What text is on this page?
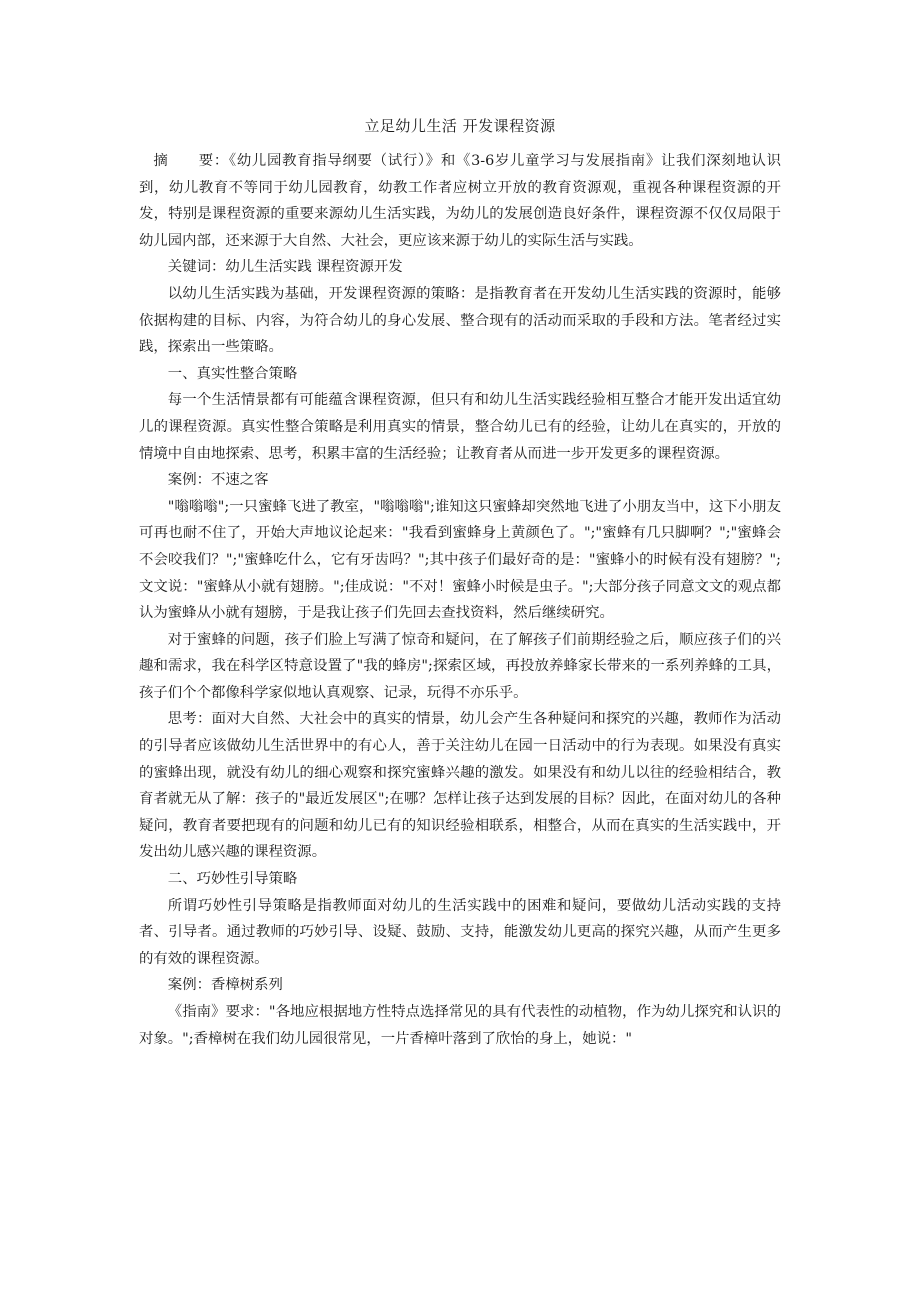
立足幼儿生活 开发课程资源

摘 要：《幼儿园教育指导纲要（试行）》和《3-6岁儿童学习与发展指南》让我们深刻地认识到，幼儿教育不等同于幼儿园教育，幼教工作者应树立开放的教育资源观，重视各种课程资源的开发，特别是课程资源的重要来源幼儿生活实践，为幼儿的发展创造良好条件，课程资源不仅仅局限于幼儿园内部，还来源于大自然、大社会，更应该来源于幼儿的实际生活与实践。

关键词：幼儿生活实践 课程资源开发

以幼儿生活实践为基础，开发课程资源的策略：是指教育者在开发幼儿生活实践的资源时，能够依据构建的目标、内容，为符合幼儿的身心发展、整合现有的活动而采取的手段和方法。笔者经过实践，探索出一些策略。

一、真实性整合策略

每一个生活情景都有可能蕴含课程资源，但只有和幼儿生活实践经验相互整合才能开发出适宜幼儿的课程资源。真实性整合策略是利用真实的情景，整合幼儿已有的经验，让幼儿在真实的，开放的情境中自由地探索、思考，积累丰富的生活经验；让教育者从而进一步开发更多的课程资源。

案例：不速之客

"嗡嗡嗡";一只蜜蜂飞进了教室，"嗡嗡嗡";谁知这只蜜蜂却突然地飞进了小朋友当中，这下小朋友可再也耐不住了，开始大声地议论起来："我看到蜜蜂身上黄颜色了。";"蜜蜂有几只脚啊？";"蜜蜂会不会咬我们？";"蜜蜂吃什么，它有牙齿吗？";其中孩子们最好奇的是："蜜蜂小的时候有没有翅膀？";文文说："蜜蜂从小就有翅膀。";佳成说："不对！蜜蜂小时候是虫子。";大部分孩子同意文文的观点都认为蜜蜂从小就有翅膀，于是我让孩子们先回去查找资料，然后继续研究。

对于蜜蜂的问题，孩子们脸上写满了惊奇和疑问，在了解孩子们前期经验之后，顺应孩子们的兴趣和需求，我在科学区特意设置了"我的蜂房";探索区域，再投放养蜂家长带来的一系列养蜂的工具，孩子们个个都像科学家似地认真观察、记录，玩得不亦乐乎。

思考：面对大自然、大社会中的真实的情景，幼儿会产生各种疑问和探究的兴趣，教师作为活动的引导者应该做幼儿生活世界中的有心人，善于关注幼儿在园一日活动中的行为表现。如果没有真实的蜜蜂出现，就没有幼儿的细心观察和探究蜜蜂兴趣的激发。如果没有和幼儿以往的经验相结合，教育者就无从了解：孩子的"最近发展区";在哪？怎样让孩子达到发展的目标？因此，在面对幼儿的各种疑问，教育者要把现有的问题和幼儿已有的知识经验相联系，相整合，从而在真实的生活实践中，开发出幼儿感兴趣的课程资源。

二、巧妙性引导策略

所谓巧妙性引导策略是指教师面对幼儿的生活实践中的困难和疑问，要做幼儿活动实践的支持者、引导者。通过教师的巧妙引导、设疑、鼓励、支持，能激发幼儿更高的探究兴趣，从而产生更多的有效的课程资源。

案例：香樟树系列

《指南》要求："各地应根据地方性特点选择常见的具有代表性的动植物，作为幼儿探究和认识的对象。";香樟树在我们幼儿园很常见，一片香樟叶落到了欣怡的身上，她说："
